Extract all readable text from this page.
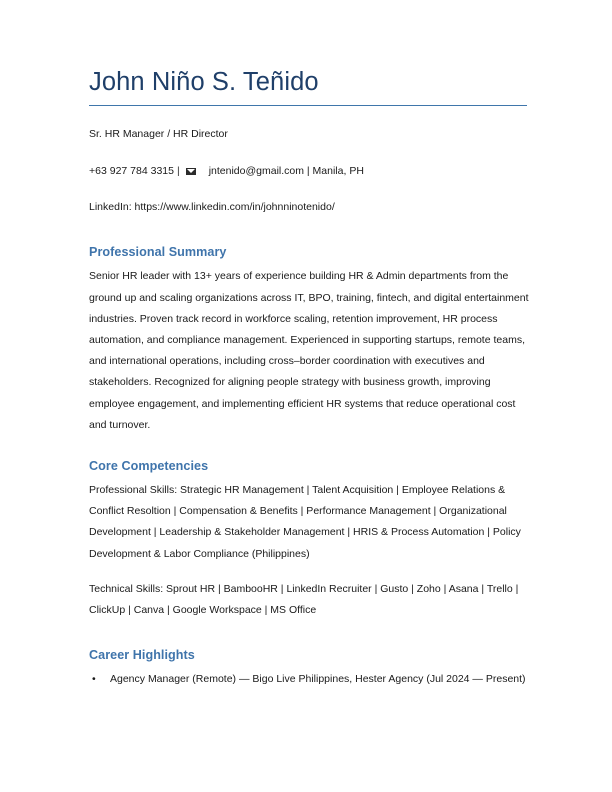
John Niño S. Teñido
Sr. HR Manager / HR Director
+63 927 784 3315 |	jntenido@gmail.com | Manila, PH
LinkedIn: https://www.linkedin.com/in/johnninotenido/
Professional Summary

Senior HR leader with 13+ years of experience building HR & Admin departments from the ground up and scaling organizations across IT, BPO, training, fintech, and digital entertainment industries. Proven track record in workforce scaling, retention improvement, HR process automation, and compliance management. Experienced in supporting startups, remote teams, and international operations, including cross–border coordination with executives and stakeholders. Recognized for aligning people strategy with business growth, improving employee engagement, and implementing efficient HR systems that reduce operational cost and turnover.

Core Competencies

Professional Skills: Strategic HR Management | Talent Acquisition | Employee Relations & Conflict Resoltion | Compensation & Benefits | Performance Management | Organizational Development | Leadership & Stakeholder Management | HRIS & Process Automation | Policy Development & Labor Compliance (Philippines)

Technical Skills: Sprout HR | BambooHR | LinkedIn Recruiter | Gusto | Zoho | Asana | Trello | ClickUp | Canva | Google Workspace | MS Office

Career Highlights
• Agency Manager (Remote) — Bigo Live Philippines, Hester Agency (Jul 2024 — Present)
